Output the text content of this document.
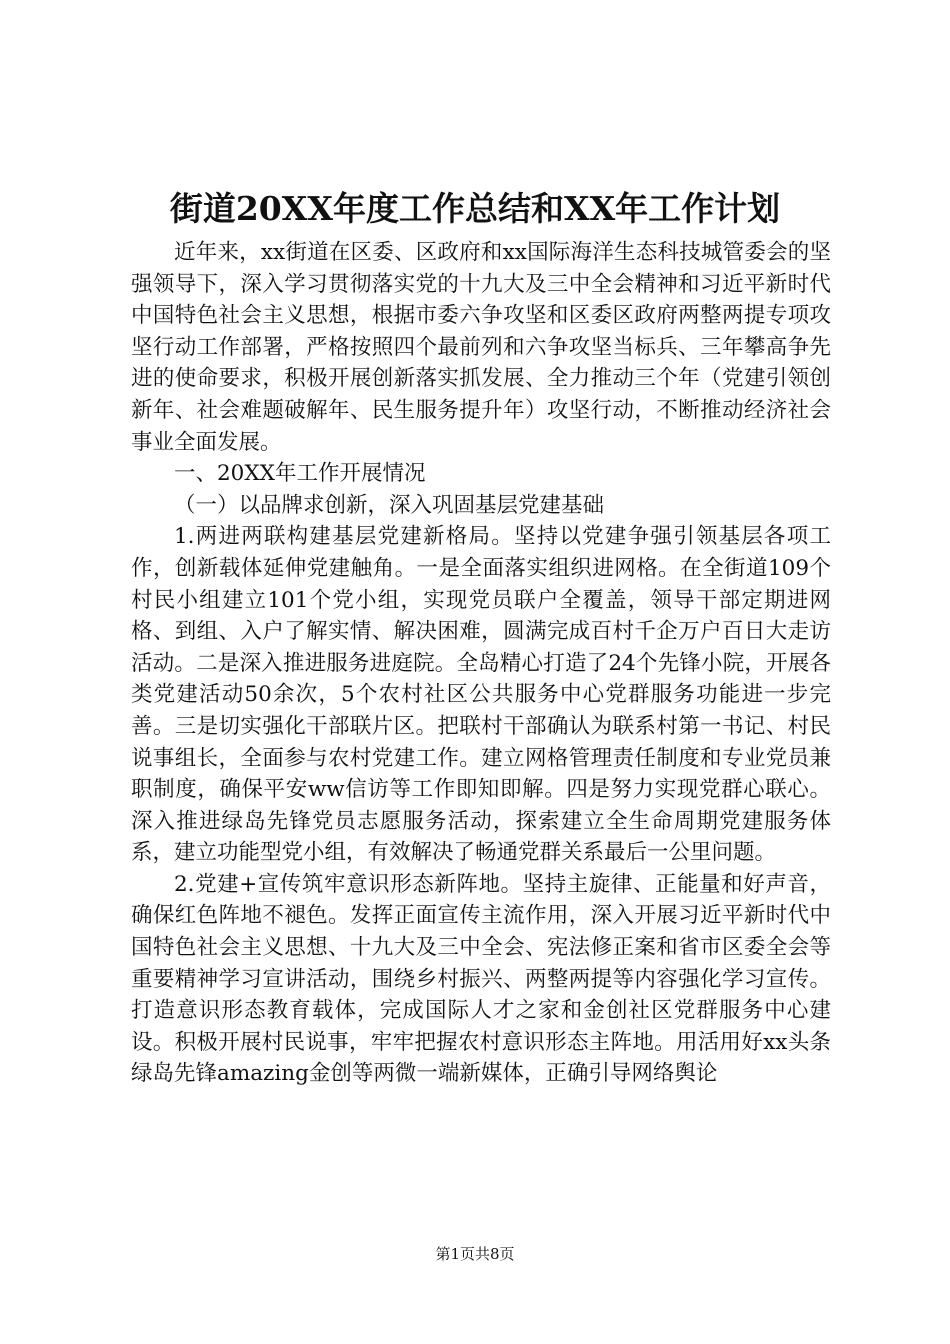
街道20XX年度工作总结和XX年工作计划

近年来，xx街道在区委、区政府和xx国际海洋生态科技城管委会的坚强领导下，深入学习贯彻落实党的十九大及三中全会精神和习近平新时代中国特色社会主义思想，根据市委六争攻坚和区委区政府两整两提专项攻坚行动工作部署，严格按照四个最前列和六争攻坚当标兵、三年攀高争先进的使命要求，积极开展创新落实抓发展、全力推动三个年（党建引领创新年、社会难题破解年、民生服务提升年）攻坚行动，不断推动经济社会事业全面发展。

一、20XX年工作开展情况

（一）以品牌求创新，深入巩固基层党建基础

1.两进两联构建基层党建新格局。坚持以党建争强引领基层各项工作，创新载体延伸党建触角。一是全面落实组织进网格。在全街道109个村民小组建立101个党小组，实现党员联户全覆盖，领导干部定期进网格、到组、入户了解实情、解决困难，圆满完成百村千企万户百日大走访活动。二是深入推进服务进庭院。全岛精心打造了24个先锋小院，开展各类党建活动50余次，5个农村社区公共服务中心党群服务功能进一步完善。三是切实强化干部联片区。把联村干部确认为联系村第一书记、村民说事组长，全面参与农村党建工作。建立网格管理责任制度和专业党员兼职制度，确保平安ww信访等工作即知即解。四是努力实现党群心联心。深入推进绿岛先锋党员志愿服务活动，探索建立全生命周期党建服务体系，建立功能型党小组，有效解决了畅通党群关系最后一公里问题。

2.党建+宣传筑牢意识形态新阵地。坚持主旋律、正能量和好声音，确保红色阵地不褪色。发挥正面宣传主流作用，深入开展习近平新时代中国特色社会主义思想、十九大及三中全会、宪法修正案和省市区委全会等重要精神学习宣讲活动，围绕乡村振兴、两整两提等内容强化学习宣传。打造意识形态教育载体，完成国际人才之家和金创社区党群服务中心建设。积极开展村民说事，牢牢把握农村意识形态主阵地。用活用好xx头条绿岛先锋amazing金创等两微一端新媒体，正确引导网络舆论

第1页共8页
